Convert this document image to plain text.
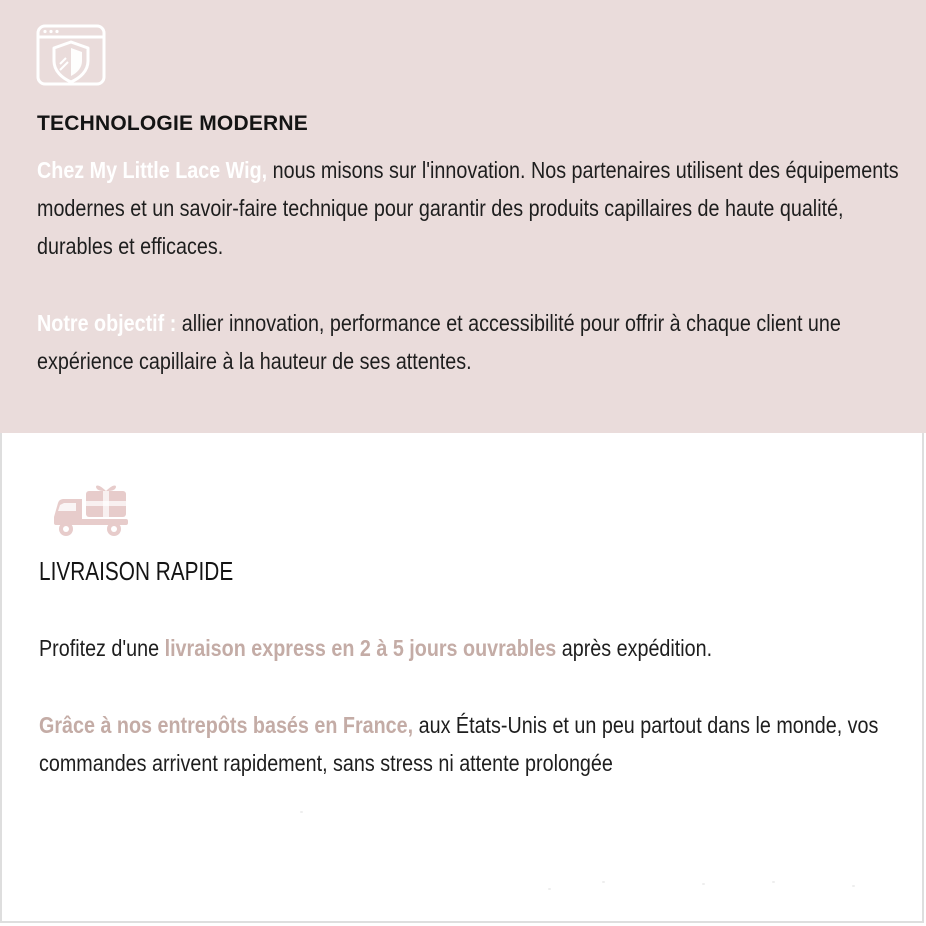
TECHNOLOGIE MODERNE

Chez My Little Lace Wig, nous misons sur l'innovation. Nos partenaires utilisent des équipements modernes et un savoir-faire technique pour garantir des produits capillaires de haute qualité, durables et efficaces.

Notre objectif : allier innovation, performance et accessibilité pour offrir à chaque client une expérience capillaire à la hauteur de ses attentes.

LIVRAISON RAPIDE

Profitez d'une livraison express en 2 à 5 jours ouvrables après expédition.

Grâce à nos entrepôts basés en France, aux États-Unis et un peu partout dans le monde, vos commandes arrivent rapidement, sans stress ni attente prolongée
